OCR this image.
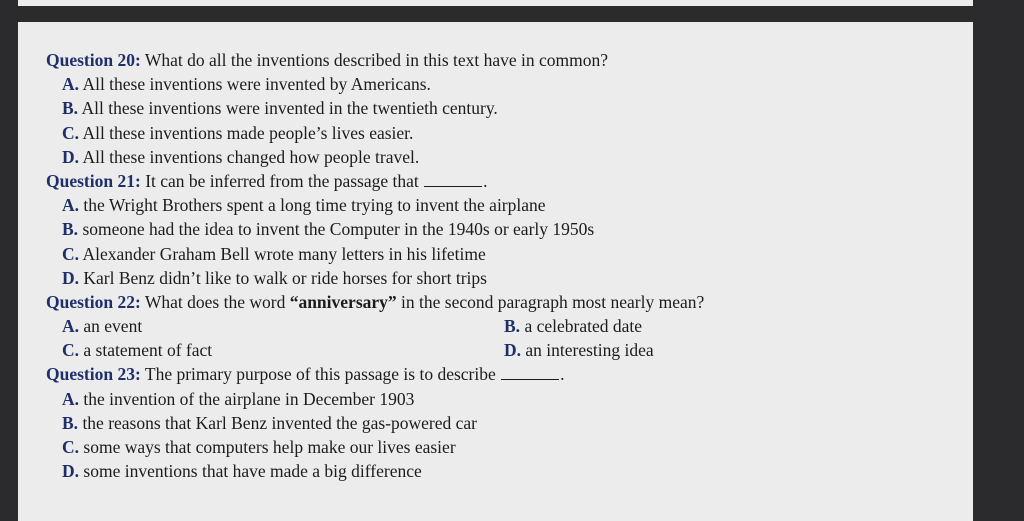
Question 20: What do all the inventions described in this text have in common?
A. All these inventions were invented by Americans.
B. All these inventions were invented in the twentieth century.
C. All these inventions made people’s lives easier.
D. All these inventions changed how people travel.
Question 21: It can be inferred from the passage that	.
A. the Wright Brothers spent a long time trying to invent the airplane
B. someone had the idea to invent the Computer in the 1940s or early 1950s
C. Alexander Graham Bell wrote many letters in his lifetime
D. Karl Benz didn’t like to walk or ride horses for short trips
Question 22: What does the word “anniversary” in the second paragraph most nearly mean?
A. an event	B. a celebrated date
C. a statement of fact	D. an interesting idea
Question 23: The primary purpose of this passage is to describe	.
A. the invention of the airplane in December 1903
B. the reasons that Karl Benz invented the gas-powered car
C. some ways that computers help make our lives easier
D. some inventions that have made a big difference
